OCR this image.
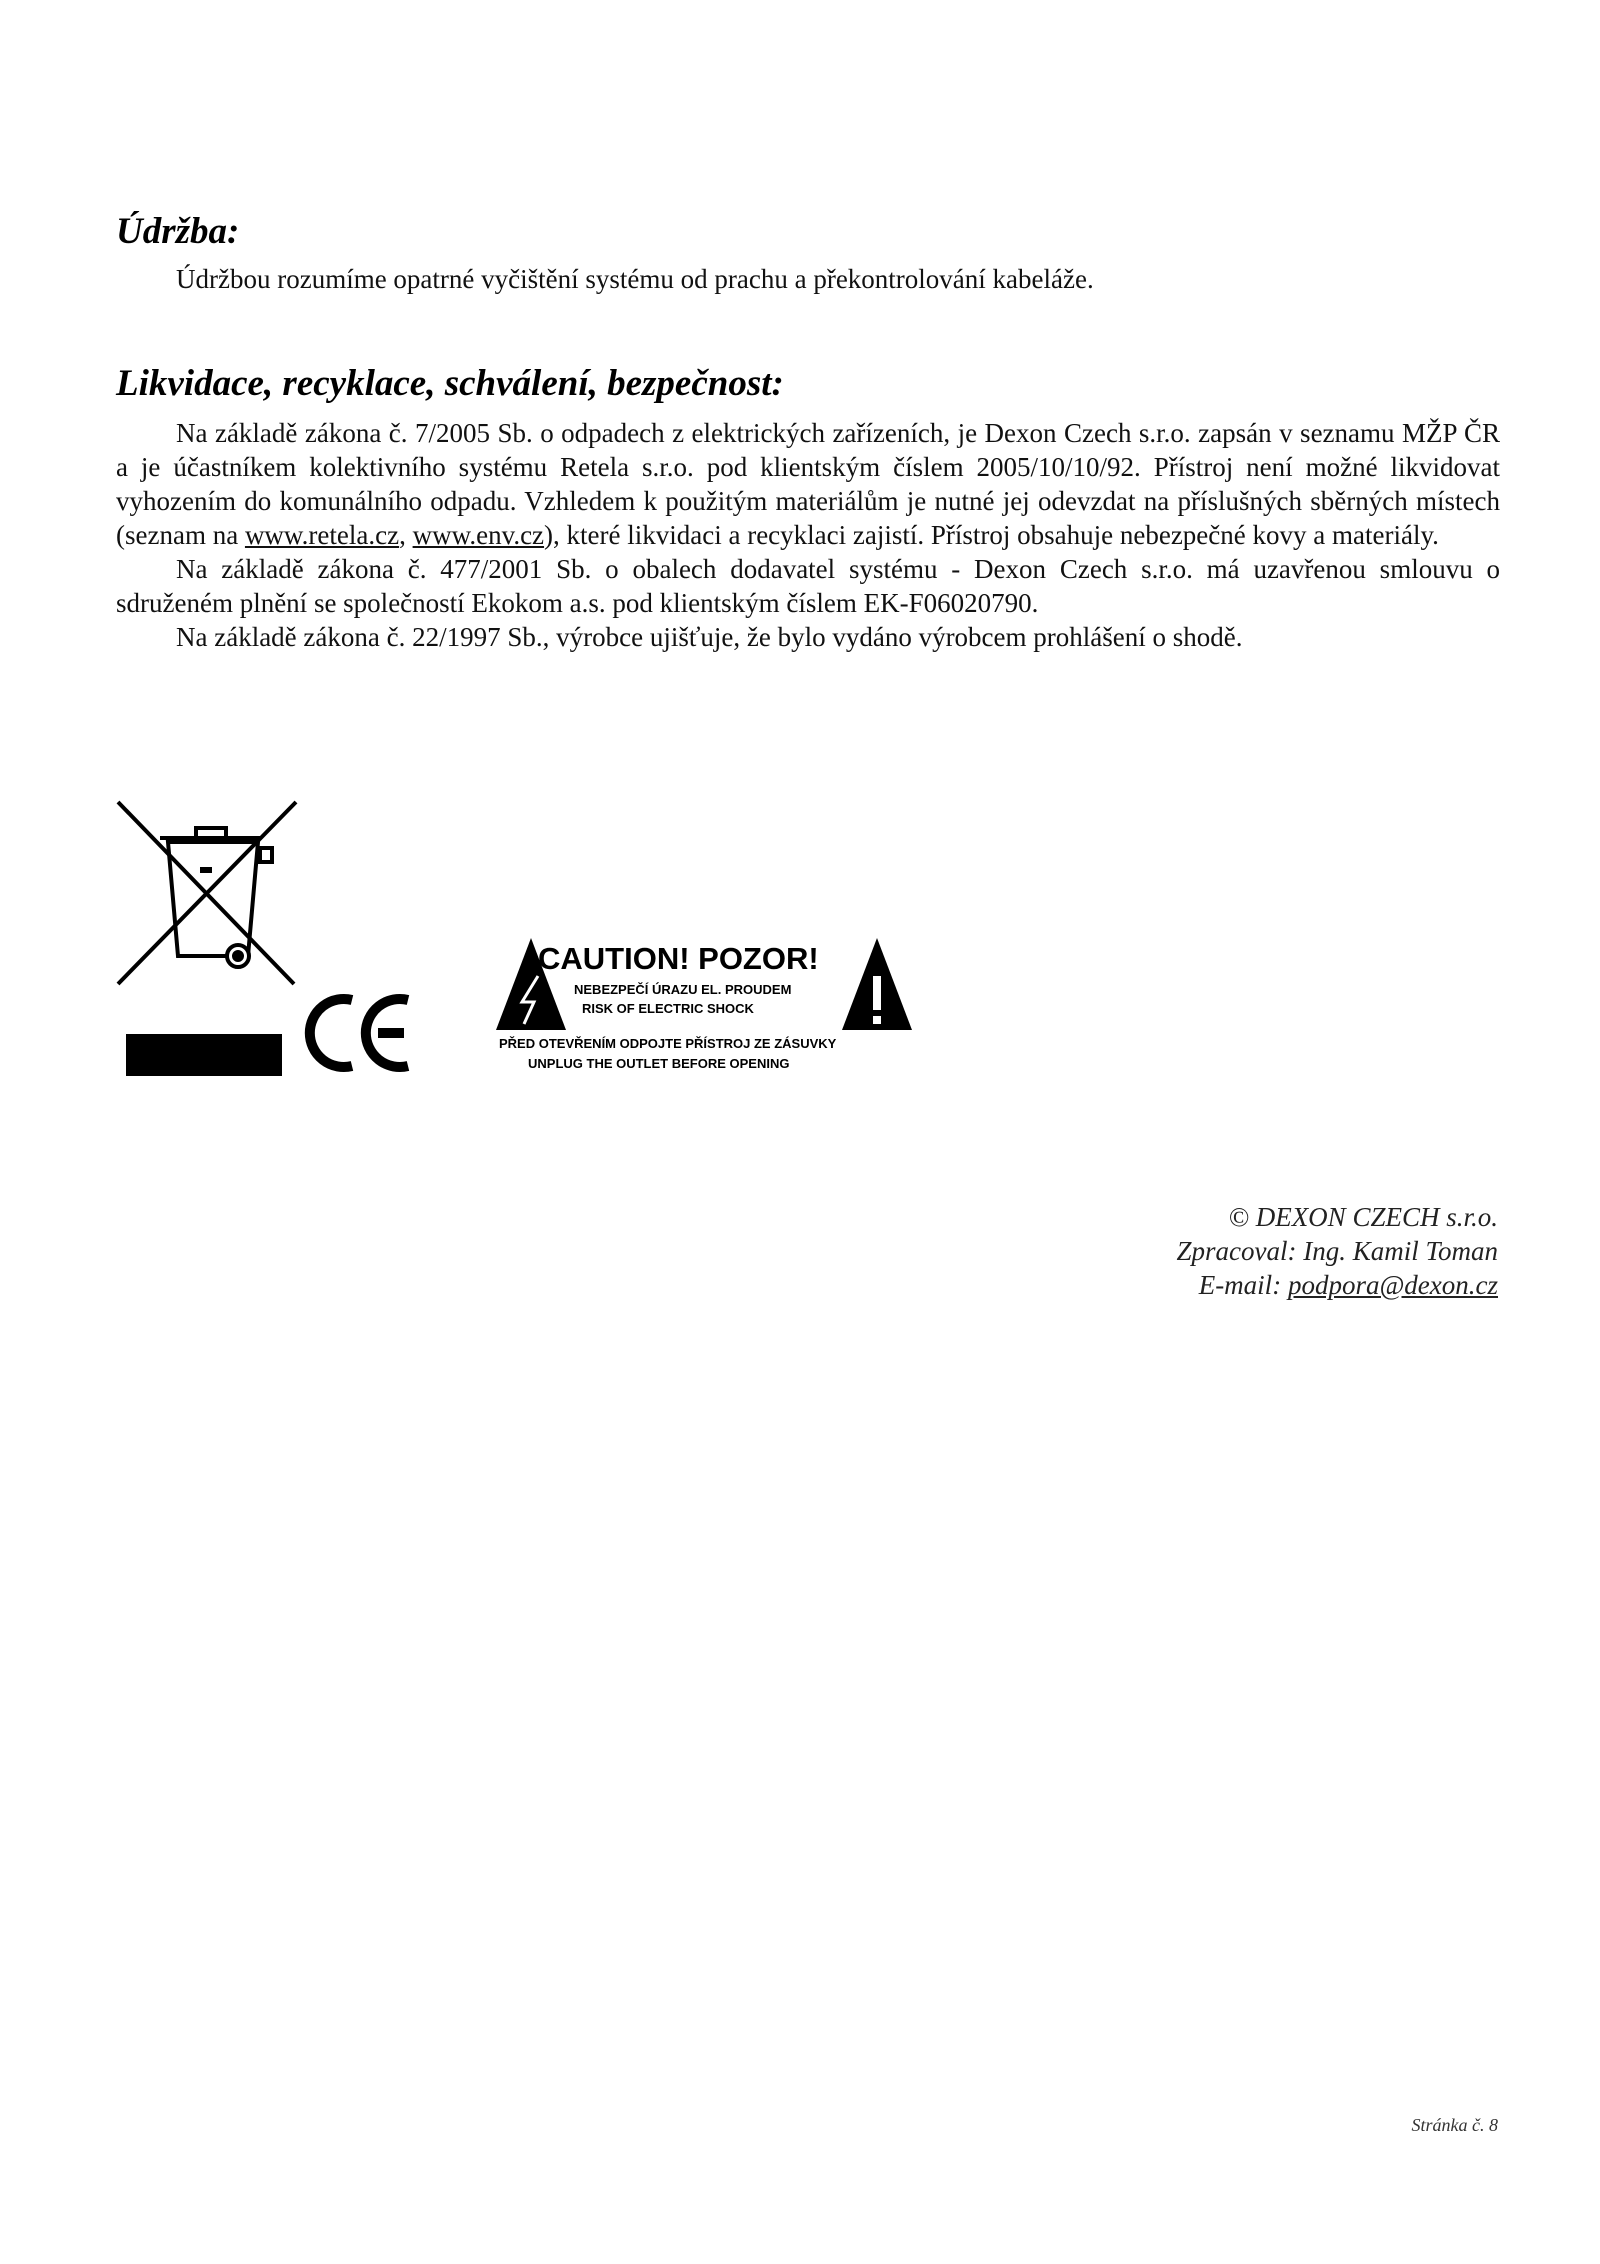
Údržba:

Údržbou rozumíme opatrné vyčištění systému od prachu a překontrolování kabeláže.

Likvidace, recyklace, schválení, bezpečnost:

Na základě zákona č. 7/2005 Sb. o odpadech z elektrických zařízeních, je Dexon Czech s.r.o. zapsán v seznamu MŽP ČR a je účastníkem kolektivního systému Retela s.r.o. pod klientským číslem 2005/10/10/92. Přístroj není možné likvidovat vyhozením do komunálního odpadu. Vzhledem k použitým materiálům je nutné jej odevzdat na příslušných sběrných místech (seznam na www.retela.cz, www.env.cz), které likvidaci a recyklaci zajistí. Přístroj obsahuje nebezpečné kovy a materiály.

Na základě zákona č. 477/2001 Sb. o obalech dodavatel systému - Dexon Czech s.r.o. má uzavřenou smlouvu o sdruženém plnění se společností Ekokom a.s. pod klientským číslem EK-F06020790.

Na základě zákona č. 22/1997 Sb., výrobce ujišťuje, že bylo vydáno výrobcem prohlášení o shodě.

CAUTION! POZOR!

NEBEZPEČÍ ÚRAZU EL. PROUDEM

RISK OF ELECTRIC SHOCK

PŘED OTEVŘENÍM ODPOJTE PŘÍSTROJ ZE ZÁSUVKY

UNPLUG THE OUTLET BEFORE OPENING

© DEXON CZECH s.r.o.

Zpracoval: Ing. Kamil Toman

E-mail: podpora@dexon.cz

Stránka č. 8
